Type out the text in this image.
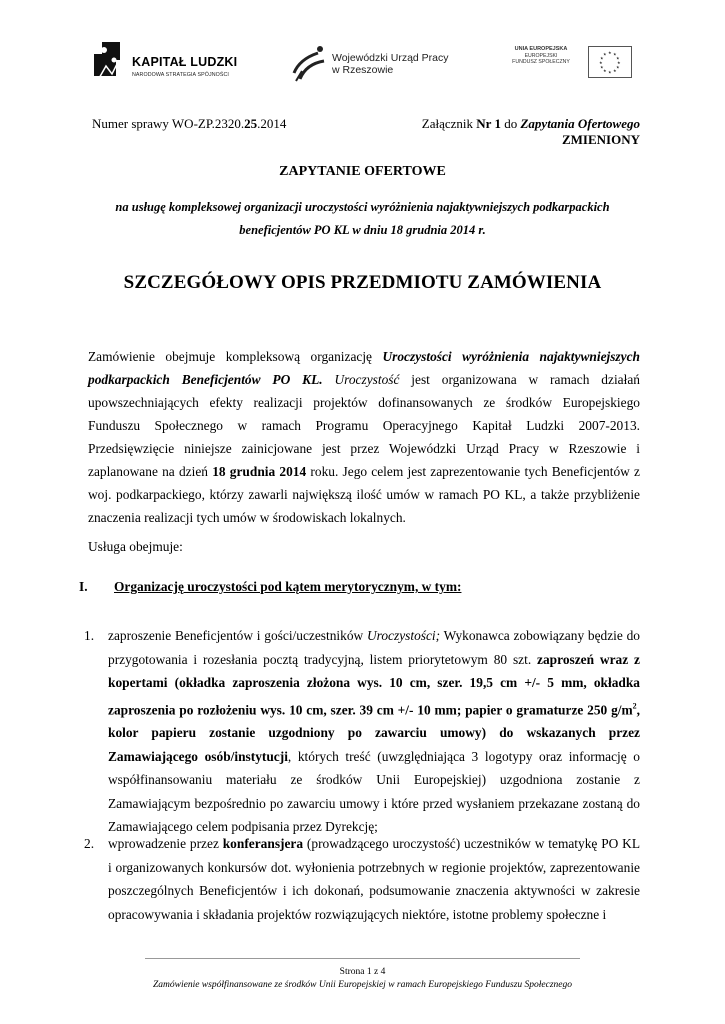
KAPITAŁ LUDZKI
NARODOWA STRATEGIA SPÓJNOŚCI
Wojewódzki Urząd Pracy
w Rzeszowie
UNIA EUROPEJSKA
EUROPEJSKI
FUNDUSZ SPOŁECZNY
★ ★
★
★
★
★
★
★
★
★
★
★
Numer sprawy WO-ZP.2320.25.2014	Załącznik Nr 1 do Zapytania Ofertowego
ZMIENIONY
ZAPYTANIE OFERTOWE
na usługę kompleksowej organizacji uroczystości wyróżnienia najaktywniejszych podkarpackich beneficjentów PO KL w dniu 18 grudnia 2014 r.
SZCZEGÓŁOWY OPIS PRZEDMIOTU ZAMÓWIENIA
Zamówienie obejmuje kompleksową organizację Uroczystości wyróżnienia najaktywniejszych podkarpackich Beneficjentów PO KL. Uroczystość jest organizowana w ramach działań upowszechniających efekty realizacji projektów dofinansowanych ze środków Europejskiego Funduszu Społecznego w ramach Programu Operacyjnego Kapitał Ludzki 2007-2013. Przedsięwzięcie niniejsze zainicjowane jest przez Wojewódzki Urząd Pracy w Rzeszowie i zaplanowane na dzień 18 grudnia 2014 roku. Jego celem jest zaprezentowanie tych Beneficjentów z woj. podkarpackiego, którzy zawarli największą ilość umów w ramach PO KL, a także przybliżenie znaczenia realizacji tych umów w środowiskach lokalnych.
Usługa obejmuje:
I. Organizację uroczystości pod kątem merytorycznym, w tym:
1. zaproszenie Beneficjentów i gości/uczestników Uroczystości; Wykonawca zobowiązany będzie do przygotowania i rozesłania pocztą tradycyjną, listem priorytetowym 80 szt. zaproszeń wraz z kopertami (okładka zaproszenia złożona wys. 10 cm, szer. 19,5 cm +/- 5 mm, okładka zaproszenia po rozłożeniu wys. 10 cm, szer. 39 cm +/- 10 mm; papier o gramaturze 250 $g/m^2$, kolor papieru zostanie uzgodniony po zawarciu umowy) do wskazanych przez Zamawiającego osób/instytucji, których treść (uwzględniająca 3 logotypy oraz informację o współfinansowaniu materiału ze środków Unii Europejskiej) uzgodniona zostanie z Zamawiającym bezpośrednio po zawarciu umowy i które przed wysłaniem przekazane zostaną do Zamawiającego celem podpisania przez Dyrekcję;
2. wprowadzenie przez konferansjera (prowadzącego uroczystość) uczestników w tematykę PO KL i organizowanych konkursów dot. wyłonienia potrzebnych w regionie projektów, zaprezentowanie poszczególnych Beneficjentów i ich dokonań, podsumowanie znaczenia aktywności w zakresie opracowywania i składania projektów rozwiązujących niektóre, istotne problemy społeczne i
Strona 1 z 4
Zamówienie współfinansowane ze środków Unii Europejskiej w ramach Europejskiego Funduszu Społecznego
